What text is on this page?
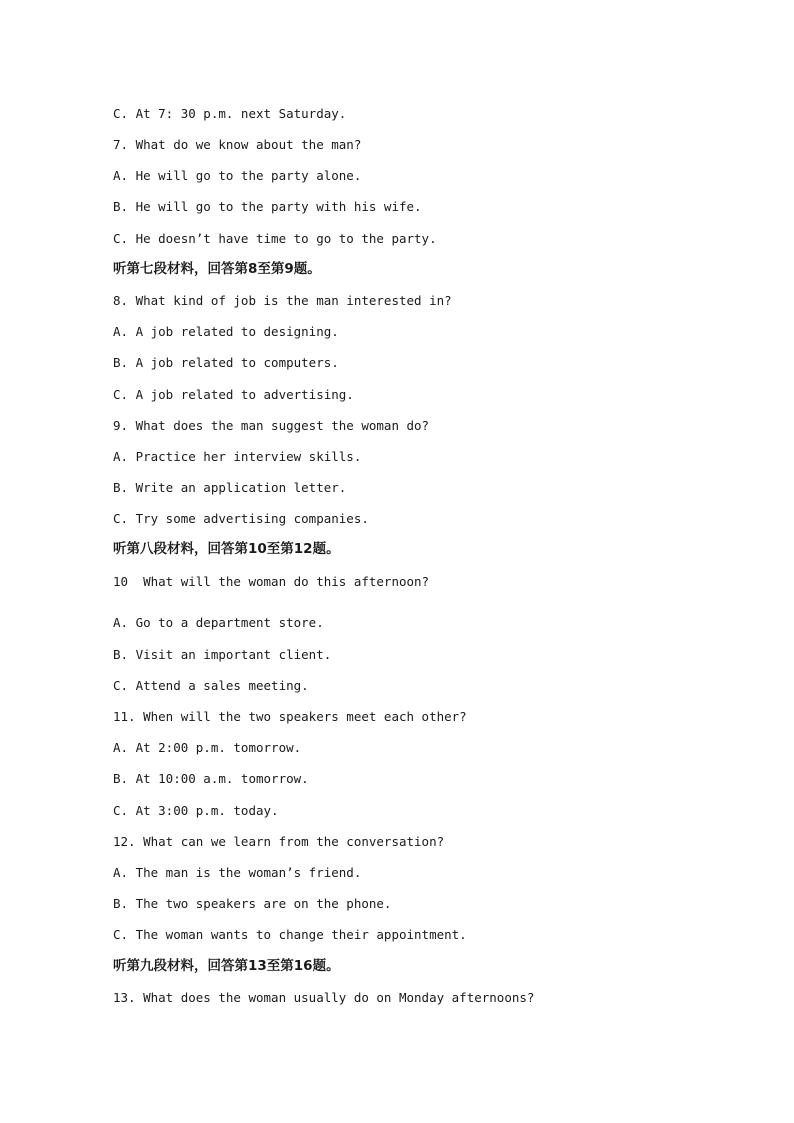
C. At 7: 30 p.m. next Saturday.
7. What do we know about the man?
A. He will go to the party alone.
B. He will go to the party with his wife.
C. He doesn’t have time to go to the party.
听第七段材料，回答第8至第9题。
8. What kind of job is the man interested in?
A. A job related to designing.
B. A job related to computers.
C. A job related to advertising.
9. What does the man suggest the woman do?
A. Practice her interview skills.
B. Write an application letter.
C. Try some advertising companies.
听第八段材料，回答第10至第12题。
10  What will the woman do this afternoon?
A. Go to a department store.
B. Visit an important client.
C. Attend a sales meeting.
11. When will the two speakers meet each other?
A. At 2:00 p.m. tomorrow.
B. At 10:00 a.m. tomorrow.
C. At 3:00 p.m. today.
12. What can we learn from the conversation?
A. The man is the woman’s friend.
B. The two speakers are on the phone.
C. The woman wants to change their appointment.
听第九段材料，回答第13至第16题。
13. What does the woman usually do on Monday afternoons?
